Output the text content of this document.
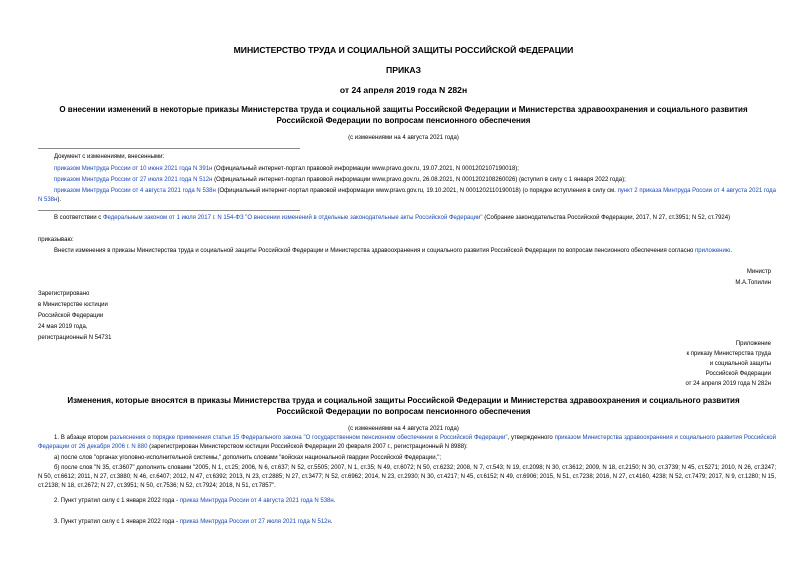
МИНИСТЕРСТВО ТРУДА И СОЦИАЛЬНОЙ ЗАЩИТЫ РОССИЙСКОЙ ФЕДЕРАЦИИ
ПРИКАЗ
от 24 апреля 2019 года N 282н
О внесении изменений в некоторые приказы Министерства труда и социальной защиты Российской Федерации и Министерства здравоохранения и социального развития Российской Федерации по вопросам пенсионного обеспечения
(с изменениями на 4 августа 2021 года)
Документ с изменениями, внесенными:
приказом Минтруда России от 10 июня 2021 года N 391н (Официальный интернет-портал правовой информации www.pravo.gov.ru, 19.07.2021, N 0001202107190018);
приказом Минтруда России от 27 июля 2021 года N 512н (Официальный интернет-портал правовой информации www.pravo.gov.ru, 26.08.2021, N 0001202108260026) (вступил в силу с 1 января 2022 года);
приказом Минтруда России от 4 августа 2021 года N 538н (Официальный интернет-портал правовой информации www.pravo.gov.ru, 19.10.2021, N 0001202110190018) (о порядке вступления в силу см. пункт 2 приказа Минтруда России от 4 августа 2021 года N 538н).
В соответствии с Федеральным законом от 1 июля 2017 г. N 154-ФЗ "О внесении изменений в отдельные законодательные акты Российской Федерации" (Собрание законодательства Российской Федерации, 2017, N 27, ст.3951; N 52, ст.7924)
приказываю:
Внести изменения в приказы Министерства труда и социальной защиты Российской Федерации и Министерства здравоохранения и социального развития Российской Федерации по вопросам пенсионного обеспечения согласно приложению.
Министр
М.А.Топилин
Зарегистрировано
в Министерстве юстиции
Российской Федерации
24 мая 2019 года,
регистрационный N 54731
Приложение
к приказу Министерства труда
и социальной защиты
Российской Федерации
от 24 апреля 2019 года N 282н
Изменения, которые вносятся в приказы Министерства труда и социальной защиты Российской Федерации и Министерства здравоохранения и социального развития Российской Федерации по вопросам пенсионного обеспечения
(с изменениями на 4 августа 2021 года)
1. В абзаце втором разъяснения о порядке применения статьи 15 Федерального закона "О государственном пенсионном обеспечении в Российской Федерации", утвержденного приказом Министерства здравоохранения и социального развития Российской Федерации от 26 декабря 2006 г. N 880 (зарегистрирован Министерством юстиции Российской Федерации 20 февраля 2007 г., регистрационный N 8988):
а) после слов "органах уголовно-исполнительной системы," дополнить словами "войсках национальной гвардии Российской Федерации,";
б) после слов "N 35, ст.3607" дополнить словами "2005, N 1, ст.25; 2006, N 6, ст.637; N 52, ст.5505; 2007, N 1, ст.35; N 49, ст.6072; N 50, ст.6232; 2008, N 7, ст.543; N 19, ст.2098; N 30, ст.3612; 2009, N 18, ст.2150; N 30, ст.3739; N 45, ст.5271; 2010, N 26, ст.3247; N 50, ст.6612; 2011, N 27, ст.3880; N 46, ст.6407; 2012, N 47, ст.6392; 2013, N 23, ст.2885; N 27, ст.3477; N 52, ст.6962; 2014, N 23, ст.2930; N 30, ст.4217; N 45, ст.6152; N 49, ст.6906; 2015, N 51, ст.7238; 2016, N 27, ст.4160, 4238; N 52, ст.7479; 2017, N 9, ст.1280; N 15, ст.2138; N 18, ст.2672; N 27, ст.3951; N 50, ст.7536; N 52, ст.7924; 2018, N 51, ст.7857".
2. Пункт утратил силу с 1 января 2022 года - приказ Минтруда России от 4 августа 2021 года N 538н.
3. Пункт утратил силу с 1 января 2022 года - приказ Минтруда России от 27 июля 2021 года N 512н.
